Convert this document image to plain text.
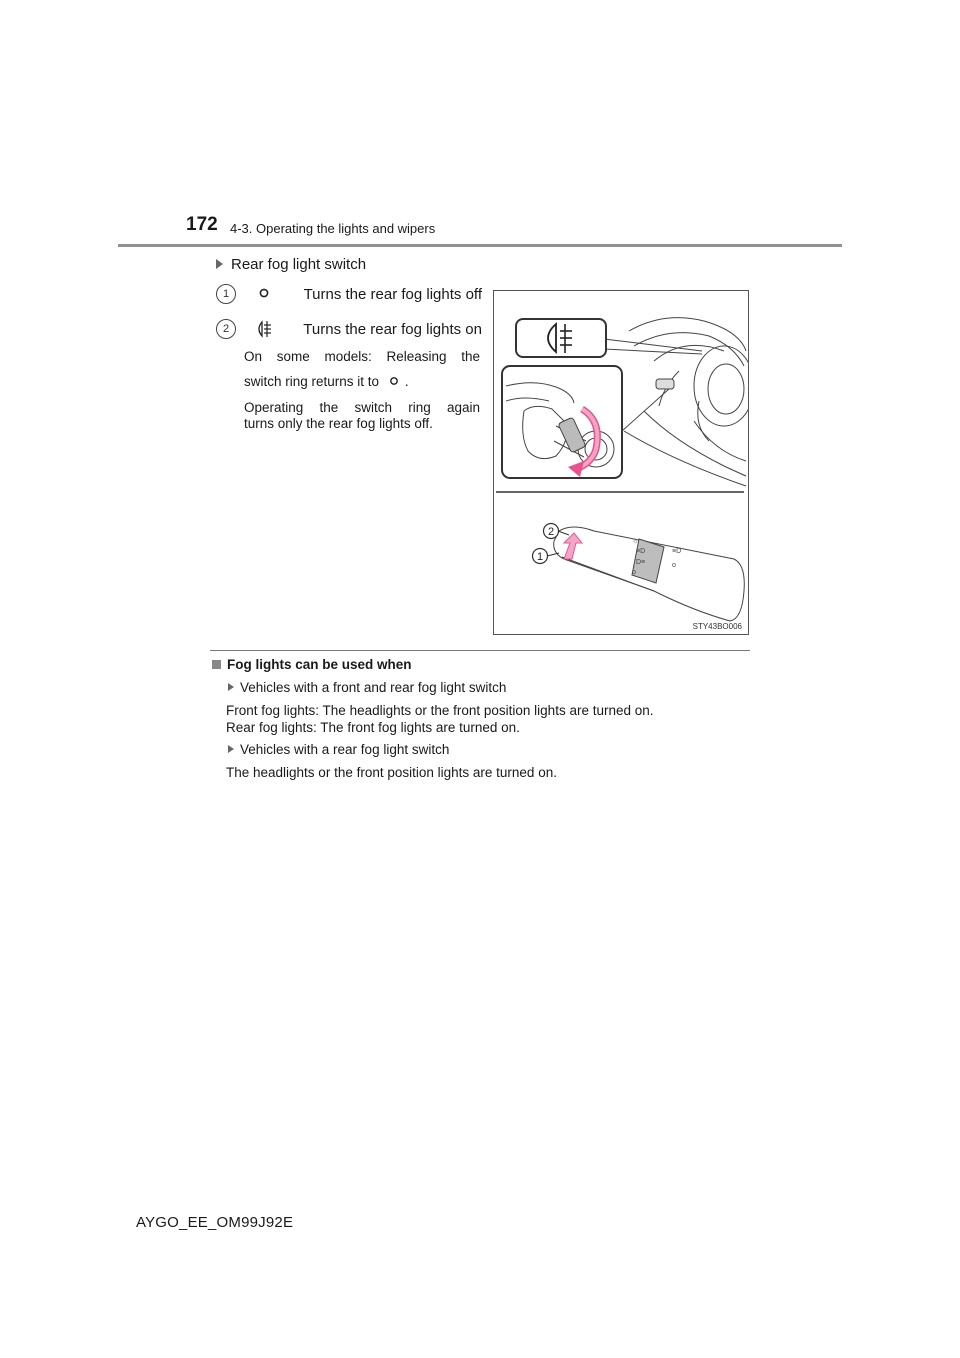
172 4-3. Operating the lights and wipers
Rear fog light switch
1	Turns the rear fog lights off
2	Turns the rear fog lights on
On some models: Releasing the
switch ring returns it to .
Operating the switch ring again
turns only the rear fog lights off.
☼
≡D
D≡
≡D
o
o
2
1
STY43BO006
Fog lights can be used when
Vehicles with a front and rear fog light switch
Front fog lights: The headlights or the front position lights are turned on.
Rear fog lights: The front fog lights are turned on.
Vehicles with a rear fog light switch
The headlights or the front position lights are turned on.
AYGO_EE_OM99J92E
